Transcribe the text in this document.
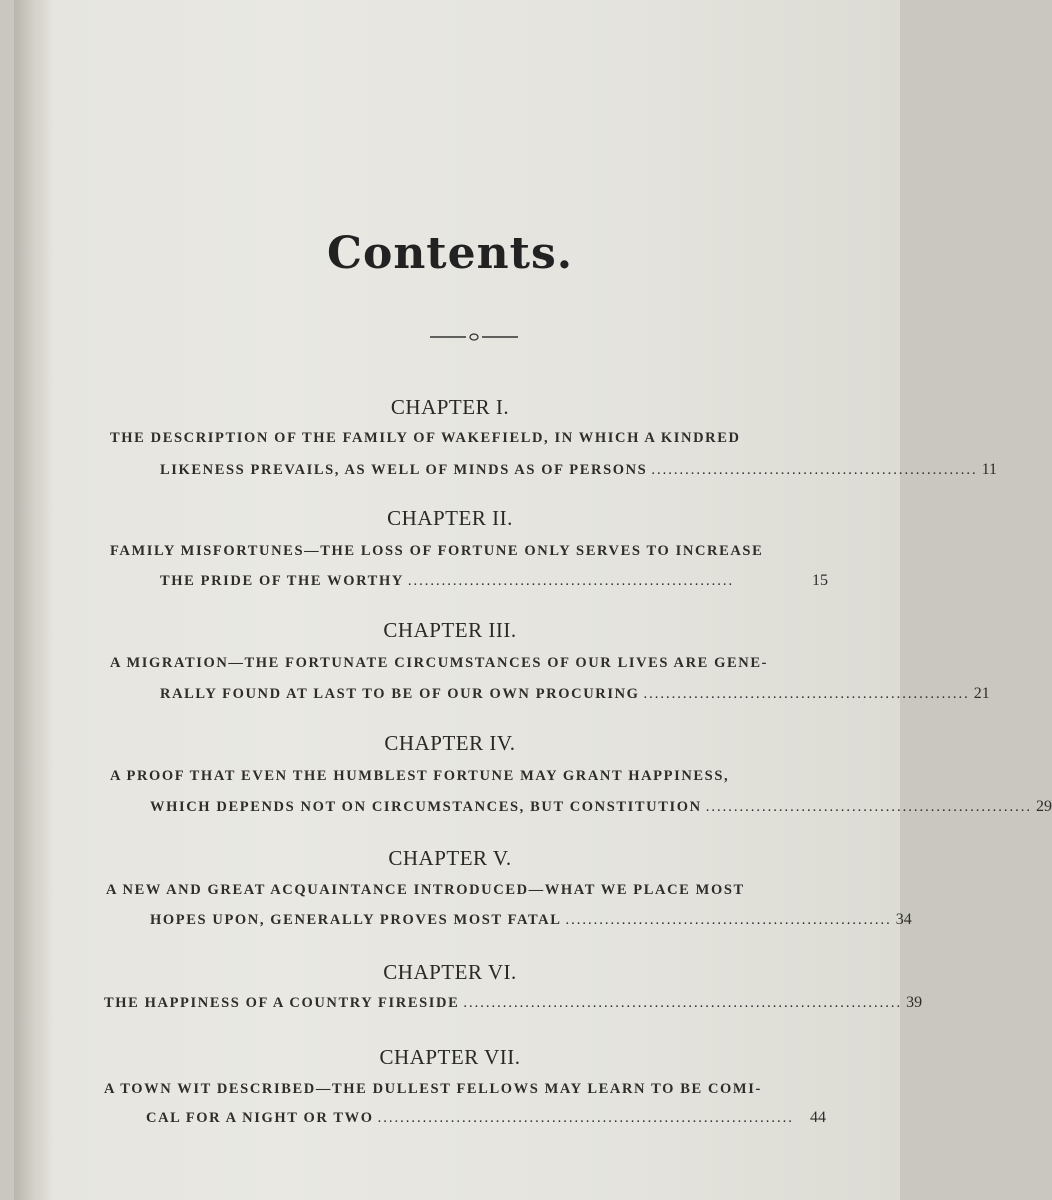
Contents.
CHAPTER I.
THE DESCRIPTION OF THE FAMILY OF WAKEFIELD, IN WHICH A KINDRED
LIKENESS PREVAILS, AS WELL OF MINDS AS OF PERSONS .......................................................... 11
CHAPTER II.
FAMILY MISFORTUNES—THE LOSS OF FORTUNE ONLY SERVES TO INCREASE
THE PRIDE OF THE WORTHY ..........................................................	15
CHAPTER III.
A MIGRATION—THE FORTUNATE CIRCUMSTANCES OF OUR LIVES ARE GENE-
RALLY FOUND AT LAST TO BE OF OUR OWN PROCURING .......................................................... 21
CHAPTER IV.
A PROOF THAT EVEN THE HUMBLEST FORTUNE MAY GRANT HAPPINESS,
WHICH DEPENDS NOT ON CIRCUMSTANCES, BUT CONSTITUTION .......................................................... 29
CHAPTER V.
A NEW AND GREAT ACQUAINTANCE INTRODUCED—WHAT WE PLACE MOST
HOPES UPON, GENERALLY PROVES MOST FATAL .......................................................... 34
CHAPTER VI.
THE HAPPINESS OF A COUNTRY FIRESIDE .............................................................................. 39
CHAPTER VII.
A TOWN WIT DESCRIBED—THE DULLEST FELLOWS MAY LEARN TO BE COMI-
CAL FOR A NIGHT OR TWO ..........................................................................	44
